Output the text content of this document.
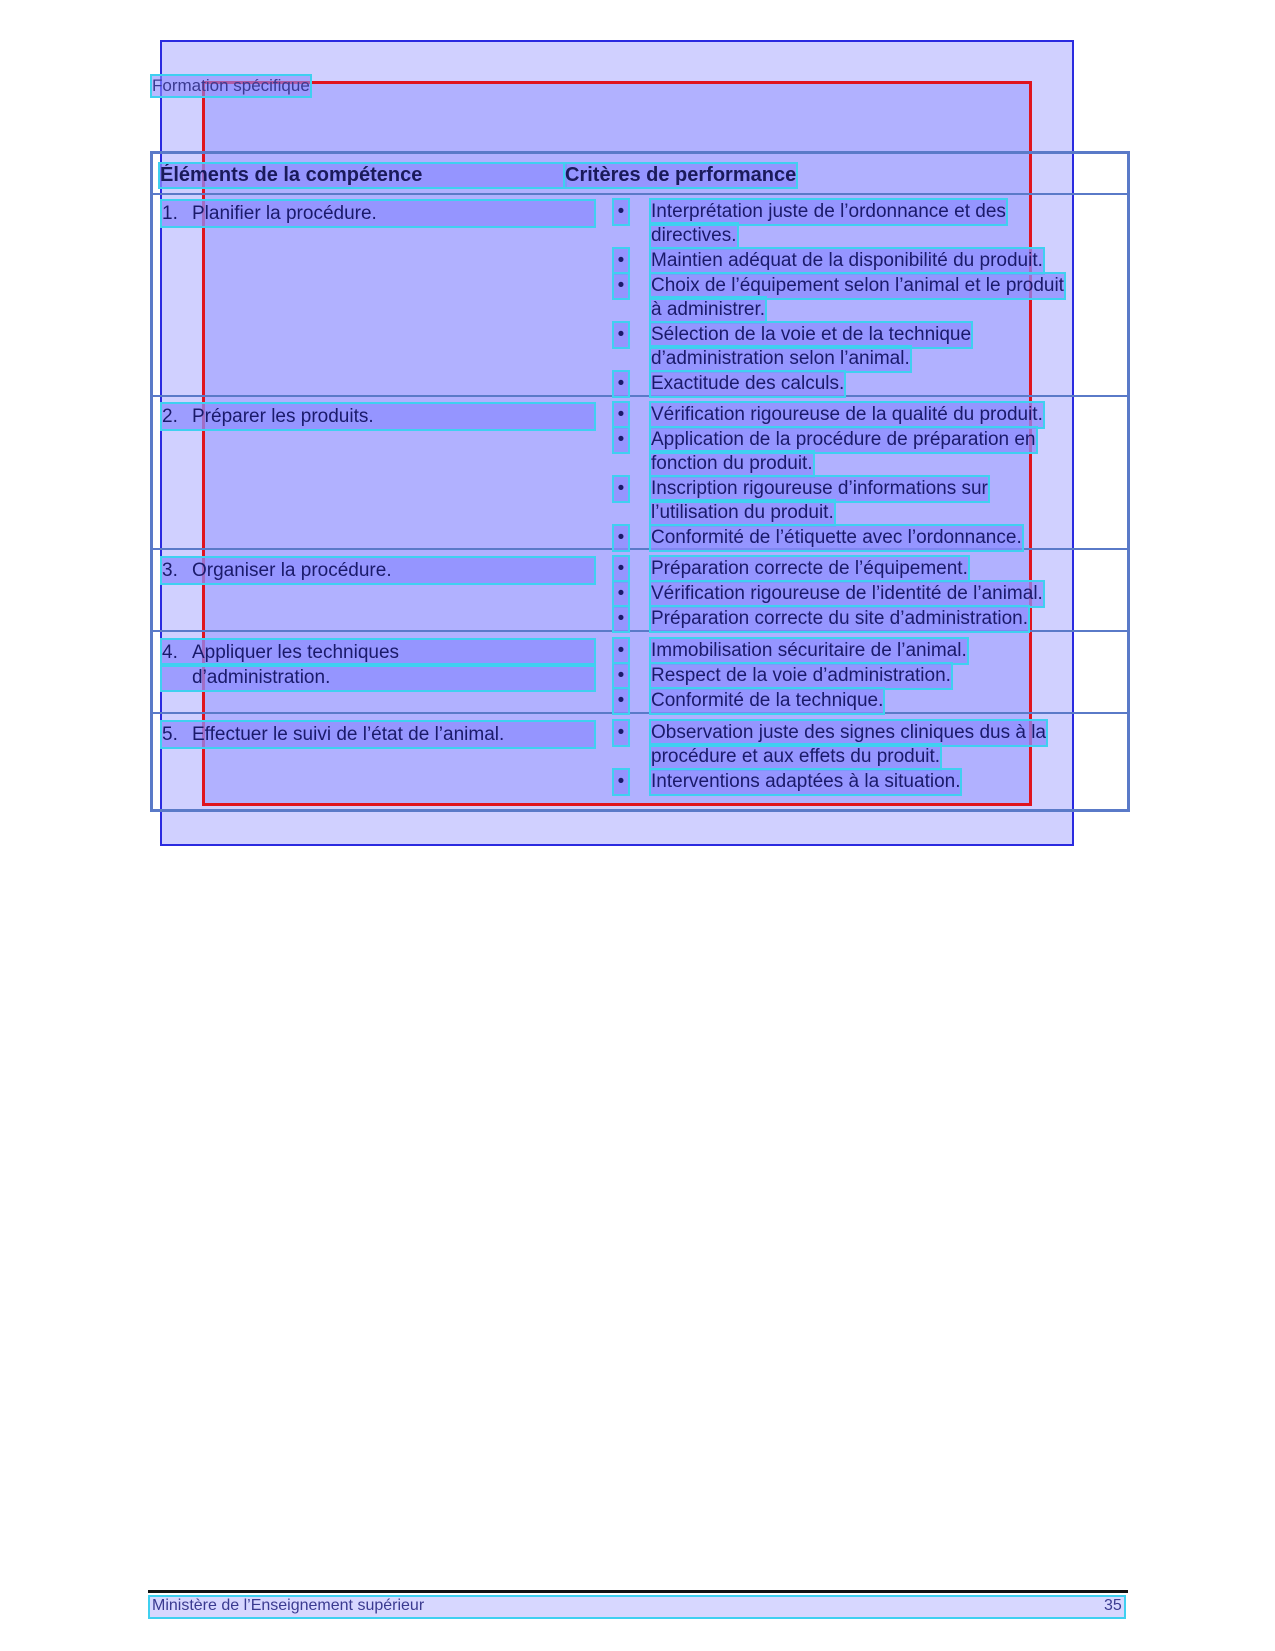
Formation spécifique
Éléments de la compétence	Critères de performance
1. Planifier la procédure.
2. Préparer les produits.
3. Organiser la procédure.
4. Appliquer les techniques
d’administration.
5. Effectuer le suivi de l’état de l’animal.
• Interprétation juste de l’ordonnance et des
directives.
• Maintien adéquat de la disponibilité du produit.
• Choix de l’équipement selon l’animal et le produit
à administrer.
• Sélection de la voie et de la technique
d’administration selon l’animal.
• Exactitude des calculs.
• Vérification rigoureuse de la qualité du produit.
• Application de la procédure de préparation en
fonction du produit.
• Inscription rigoureuse d’informations sur
l’utilisation du produit.
• Conformité de l’étiquette avec l’ordonnance.
• Préparation correcte de l’équipement.
• Vérification rigoureuse de l’identité de l’animal.
• Préparation correcte du site d’administration.
• Immobilisation sécuritaire de l’animal.
• Respect de la voie d’administration.
• Conformité de la technique.
• Observation juste des signes cliniques dus à la
procédure et aux effets du produit.
• Interventions adaptées à la situation.
Ministère de l’Enseignement supérieur	35
